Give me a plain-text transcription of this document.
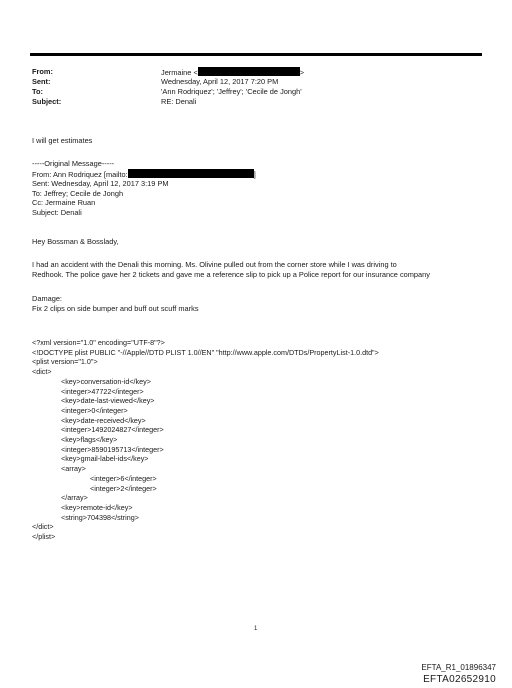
From:	Jermaine <	>
Sent:	Wednesday, April 12, 2017 7:20 PM
To:	'Ann Rodriquez'; 'Jeffrey'; 'Cecile de Jongh'
Subject:	RE: Denali
I will get estimates
-----Original Message-----
From: Ann Rodriquez [mailto:	]
Sent: Wednesday, April 12, 2017 3:19 PM
To: Jeffrey; Cecile de Jongh
Cc: Jermaine Ruan
Subject: Denali
Hey Bossman & Bosslady,
I had an accident with the Denali this morning. Ms. Olivine pulled out from the corner store while I was driving to
Redhook. The police gave her 2 tickets and gave me a reference slip to pick up a Police report for our insurance company
Damage:
Fix 2 clips on side bumper and buff out scuff marks
<?xml version="1.0" encoding="UTF-8"?>
<!DOCTYPE plist PUBLIC "-//Apple//DTD PLIST 1.0//EN" "http://www.apple.com/DTDs/PropertyList-1.0.dtd">
<plist version="1.0">
<dict>
<key>conversation-id</key>
<integer>47722</integer>
<key>date-last-viewed</key>
<integer>0</integer>
<key>date-received</key>
<integer>1492024827</integer>
<key>flags</key>
<integer>8590195713</integer>
<key>gmail-label-ids</key>
<array>
<integer>6</integer>
<integer>2</integer>
</array>
<key>remote-id</key>
<string>704398</string>
</dict>
</plist>
1
EFTA_R1_01896347
EFTA02652910
